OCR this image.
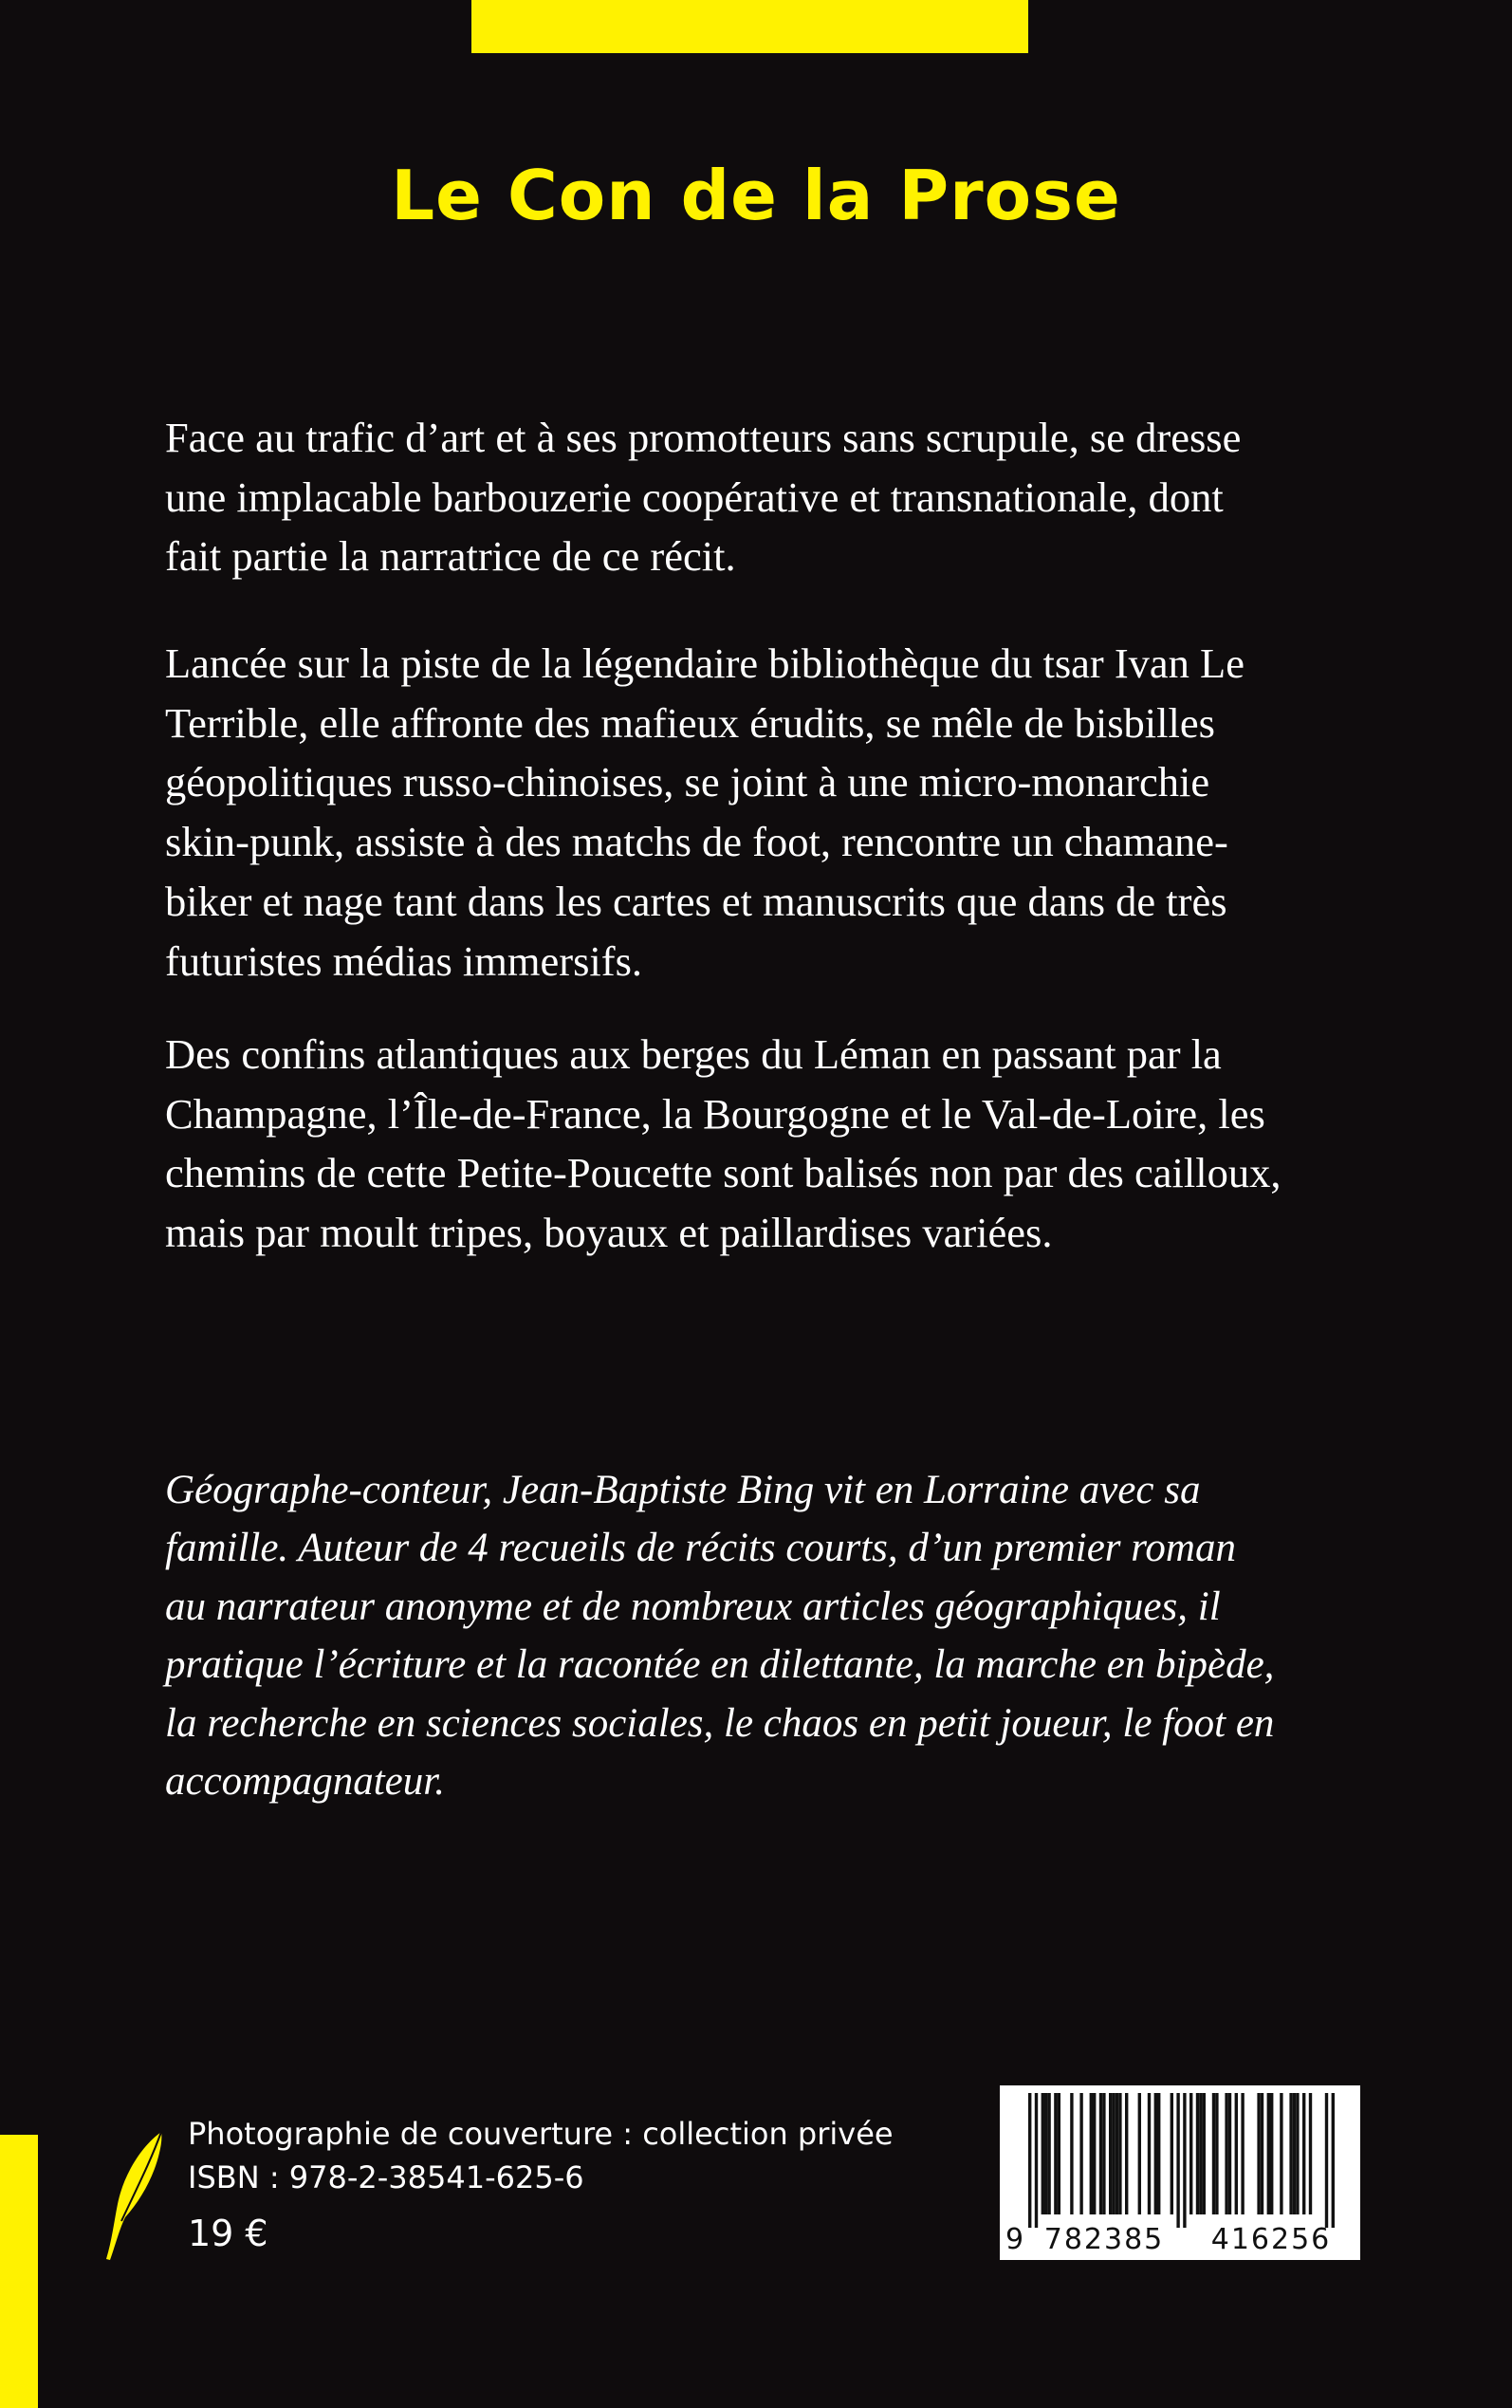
Le Con de la Prose

Face au trafic d’art et à ses promotteurs sans scrupule, se dresse
une implacable barbouzerie coopérative et transnationale, dont
fait partie la narratrice de ce récit.

Lancée sur la piste de la légendaire bibliothèque du tsar Ivan Le
Terrible, elle affronte des mafieux érudits, se mêle de bisbilles
géopolitiques russo-chinoises, se joint à une micro-monarchie
skin-punk, assiste à des matchs de foot, rencontre un chamane-
biker et nage tant dans les cartes et manuscrits que dans de très
futuristes médias immersifs.

Des confins atlantiques aux berges du Léman en passant par la
Champagne, l’Île-de-France, la Bourgogne et le Val-de-Loire, les
chemins de cette Petite-Poucette sont balisés non par des cailloux,
mais par moult tripes, boyaux et paillardises variées.

Géographe-conteur, Jean-Baptiste Bing vit en Lorraine avec sa
famille. Auteur de 4 recueils de récits courts, d’un premier roman
au narrateur anonyme et de nombreux articles géographiques, il
pratique l’écriture et la racontée en dilettante, la marche en bipède,
la recherche en sciences sociales, le chaos en petit joueur, le foot en
accompagnateur.

Photographie de couverture : collection privée
ISBN : 978-2-38541-625-6
19 €	9 782385	416256
